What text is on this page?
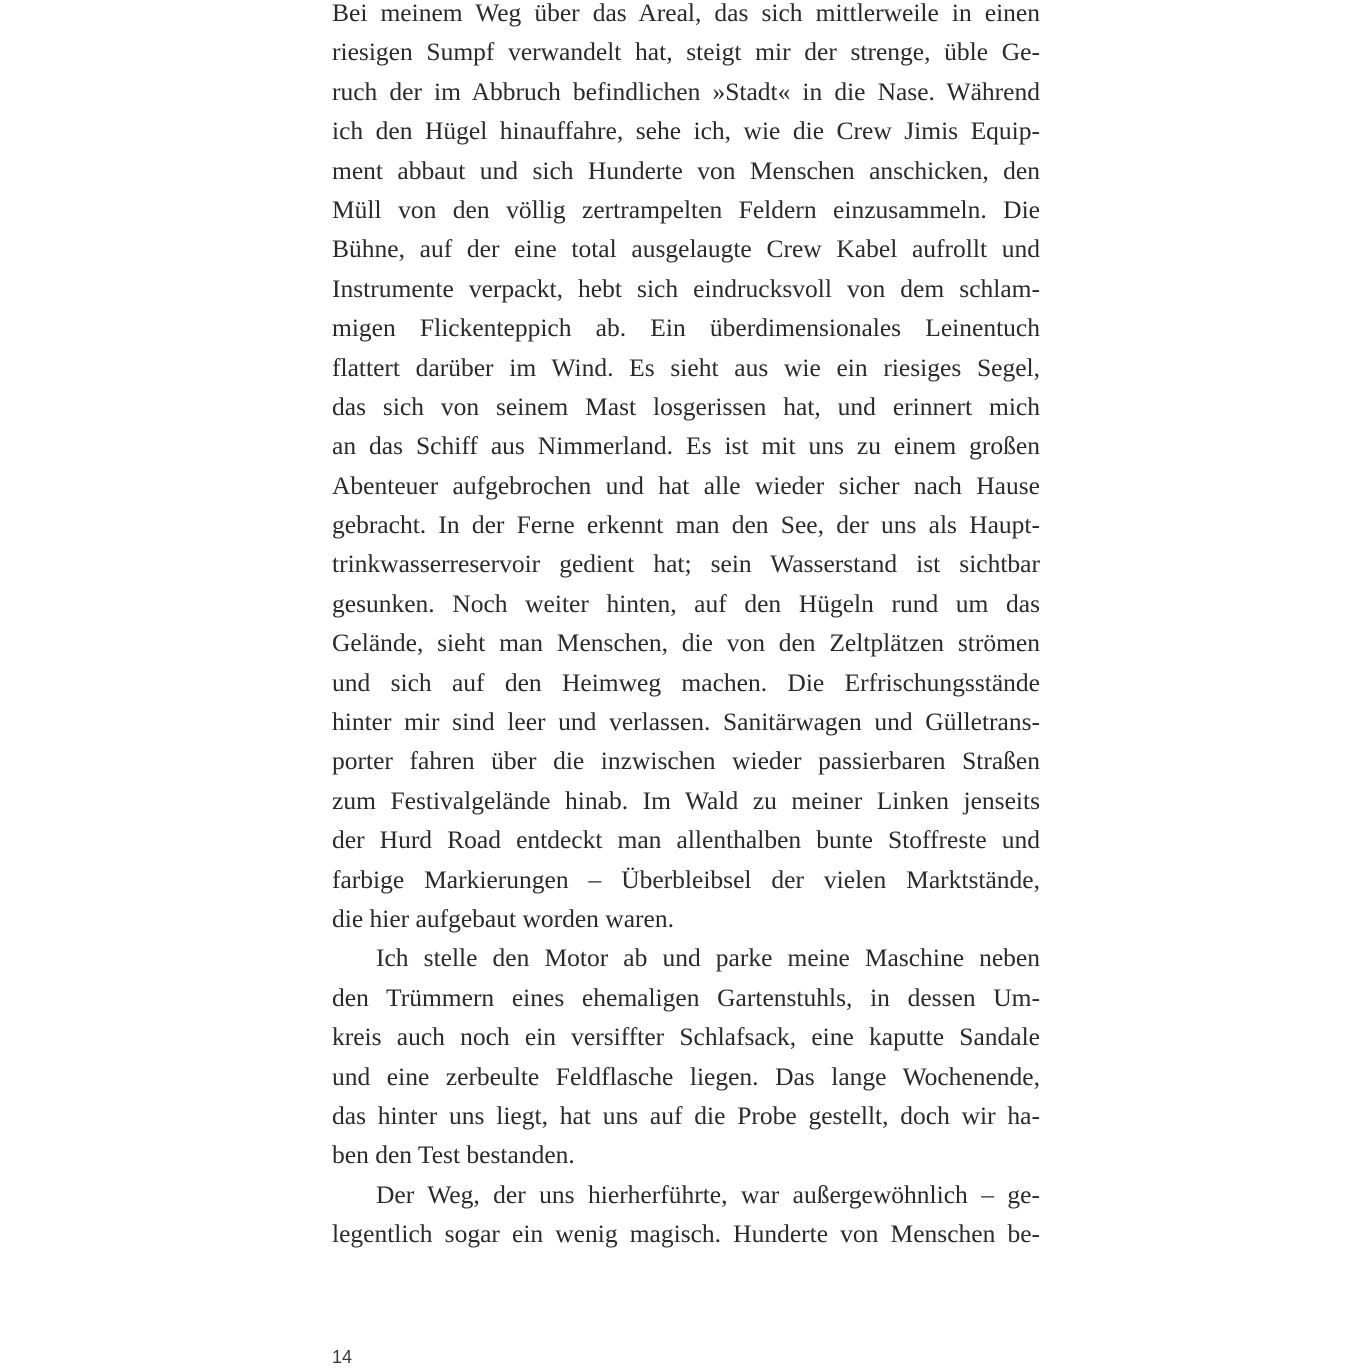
Bei meinem Weg über das Areal, das sich mittlerweile in einen
riesigen Sumpf verwandelt hat, steigt mir der strenge, üble Ge-
ruch der im Abbruch befindlichen »Stadt« in die Nase. Während
ich den Hügel hinauffahre, sehe ich, wie die Crew Jimis Equip-
ment abbaut und sich Hunderte von Menschen anschicken, den
Müll von den völlig zertrampelten Feldern einzusammeln. Die
Bühne, auf der eine total ausgelaugte Crew Kabel aufrollt und
Instrumente verpackt, hebt sich eindrucksvoll von dem schlam-
migen Flickenteppich ab. Ein überdimensionales Leinentuch
flattert darüber im Wind. Es sieht aus wie ein riesiges Segel,
das sich von seinem Mast losgerissen hat, und erinnert mich
an das Schiff aus Nimmerland. Es ist mit uns zu einem großen
Abenteuer aufgebrochen und hat alle wieder sicher nach Hause
gebracht. In der Ferne erkennt man den See, der uns als Haupt-
trinkwasserreservoir gedient hat; sein Wasserstand ist sichtbar
gesunken. Noch weiter hinten, auf den Hügeln rund um das
Gelände, sieht man Menschen, die von den Zeltplätzen strömen
und sich auf den Heimweg machen. Die Erfrischungsstände
hinter mir sind leer und verlassen. Sanitärwagen und Gülletrans-
porter fahren über die inzwischen wieder passierbaren Straßen
zum Festivalgelände hinab. Im Wald zu meiner Linken jenseits
der Hurd Road entdeckt man allenthalben bunte Stoffreste und
farbige Markierungen – Überbleibsel der vielen Marktstände,
die hier aufgebaut worden waren.
Ich stelle den Motor ab und parke meine Maschine neben
den Trümmern eines ehemaligen Gartenstuhls, in dessen Um-
kreis auch noch ein versiffter Schlafsack, eine kaputte Sandale
und eine zerbeulte Feldflasche liegen. Das lange Wochenende,
das hinter uns liegt, hat uns auf die Probe gestellt, doch wir ha-
ben den Test bestanden.
Der Weg, der uns hierherführte, war außergewöhnlich – ge-
legentlich sogar ein wenig magisch. Hunderte von Menschen be-
14
